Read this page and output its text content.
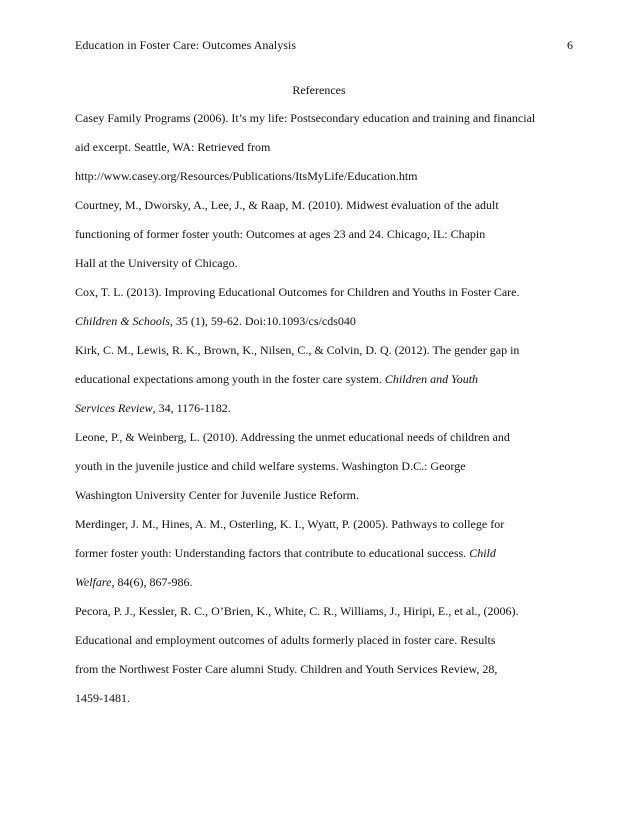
Education in Foster Care: Outcomes Analysis	6
References
Casey Family Programs (2006). It’s my life: Postsecondary education and training and financial
aid excerpt. Seattle, WA: Retrieved from
http://www.casey.org/Resources/Publications/ItsMyLife/Education.htm
Courtney, M., Dworsky, A., Lee, J., & Raap, M. (2010). Midwest evaluation of the adult
functioning of former foster youth: Outcomes at ages 23 and 24. Chicago, IL: Chapin
Hall at the University of Chicago.
Cox, T. L. (2013). Improving Educational Outcomes for Children and Youths in Foster Care.
Children & Schools, 35 (1), 59-62. Doi:10.1093/cs/cds040
Kirk, C. M., Lewis, R. K., Brown, K., Nilsen, C., & Colvin, D. Q. (2012). The gender gap in
educational expectations among youth in the foster care system. Children and Youth
Services Review, 34, 1176-1182.
Leone, P., & Weinberg, L. (2010). Addressing the unmet educational needs of children and
youth in the juvenile justice and child welfare systems. Washington D.C.: George
Washington University Center for Juvenile Justice Reform.
Merdinger, J. M., Hines, A. M., Osterling, K. I., Wyatt, P. (2005). Pathways to college for
former foster youth: Understanding factors that contribute to educational success. Child
Welfare, 84(6), 867-986.
Pecora, P. J., Kessler, R. C., O’Brien, K., White, C. R., Williams, J., Hiripi, E., et al., (2006).
Educational and employment outcomes of adults formerly placed in foster care. Results
from the Northwest Foster Care alumni Study. Children and Youth Services Review, 28,
1459-1481.
